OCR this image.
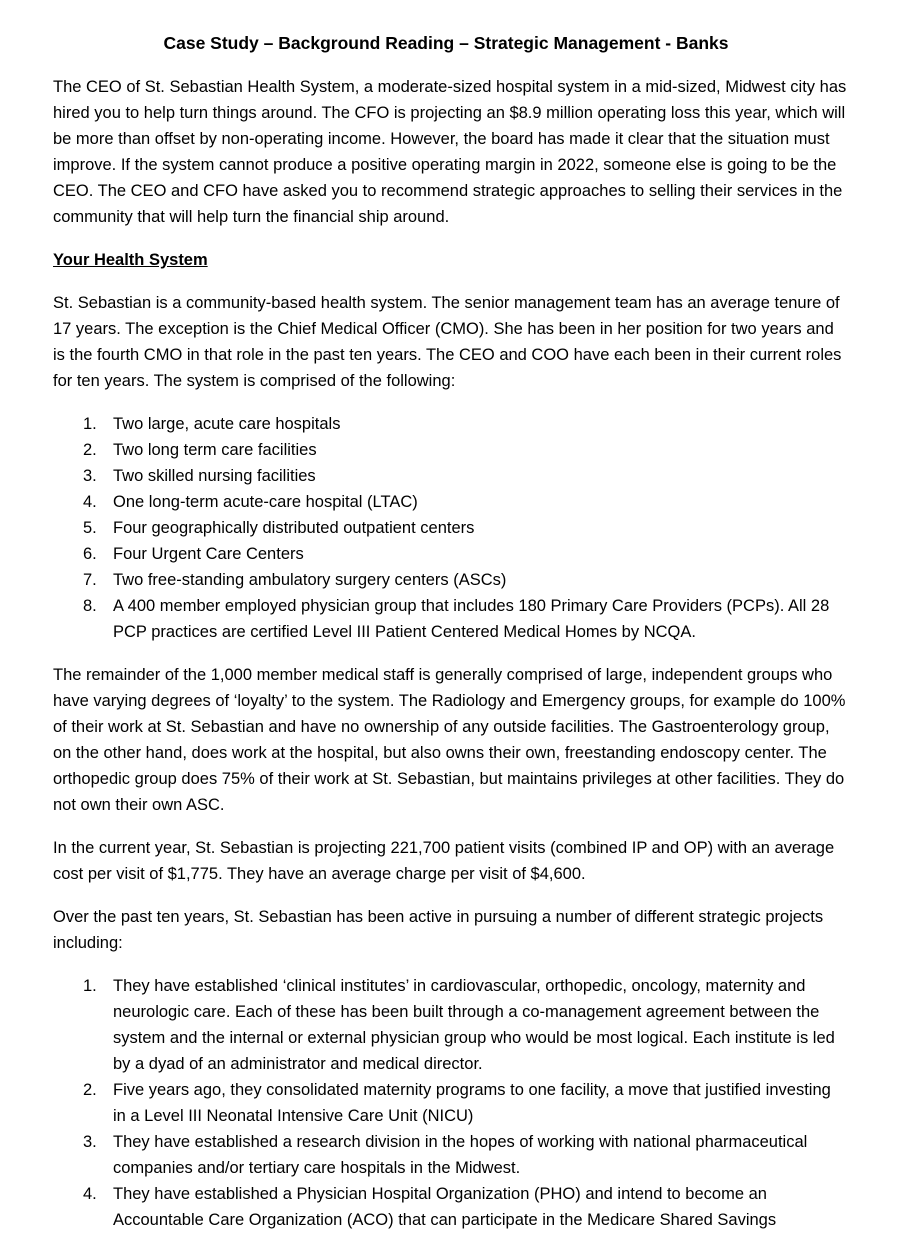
Case Study – Background Reading – Strategic Management - Banks

The CEO of St. Sebastian Health System, a moderate-sized hospital system in a mid-sized, Midwest city has hired you to help turn things around. The CFO is projecting an $8.9 million operating loss this year, which will be more than offset by non-operating income. However, the board has made it clear that the situation must improve. If the system cannot produce a positive operating margin in 2022, someone else is going to be the CEO. The CEO and CFO have asked you to recommend strategic approaches to selling their services in the community that will help turn the financial ship around.

Your Health System

St. Sebastian is a community-based health system. The senior management team has an average tenure of 17 years. The exception is the Chief Medical Officer (CMO). She has been in her position for two years and is the fourth CMO in that role in the past ten years. The CEO and COO have each been in their current roles for ten years. The system is comprised of the following:

1. Two large, acute care hospitals
2. Two long term care facilities
3. Two skilled nursing facilities
4. One long-term acute-care hospital (LTAC)
5. Four geographically distributed outpatient centers
6. Four Urgent Care Centers
7. Two free-standing ambulatory surgery centers (ASCs)
8. A 400 member employed physician group that includes 180 Primary Care Providers (PCPs). All 28 PCP practices are certified Level III Patient Centered Medical Homes by NCQA.

The remainder of the 1,000 member medical staff is generally comprised of large, independent groups who have varying degrees of ‘loyalty’ to the system. The Radiology and Emergency groups, for example do 100% of their work at St. Sebastian and have no ownership of any outside facilities. The Gastroenterology group, on the other hand, does work at the hospital, but also owns their own, freestanding endoscopy center. The orthopedic group does 75% of their work at St. Sebastian, but maintains privileges at other facilities. They do not own their own ASC.

In the current year, St. Sebastian is projecting 221,700 patient visits (combined IP and OP) with an average cost per visit of $1,775. They have an average charge per visit of $4,600.

Over the past ten years, St. Sebastian has been active in pursuing a number of different strategic projects including:

1. They have established ‘clinical institutes’ in cardiovascular, orthopedic, oncology, maternity and neurologic care. Each of these has been built through a co-management agreement between the system and the internal or external physician group who would be most logical. Each institute is led by a dyad of an administrator and medical director.
2. Five years ago, they consolidated maternity programs to one facility, a move that justified investing in a Level III Neonatal Intensive Care Unit (NICU)
3. They have established a research division in the hopes of working with national pharmaceutical companies and/or tertiary care hospitals in the Midwest.
4. They have established a Physician Hospital Organization (PHO) and intend to become an Accountable Care Organization (ACO) that can participate in the Medicare Shared Savings
